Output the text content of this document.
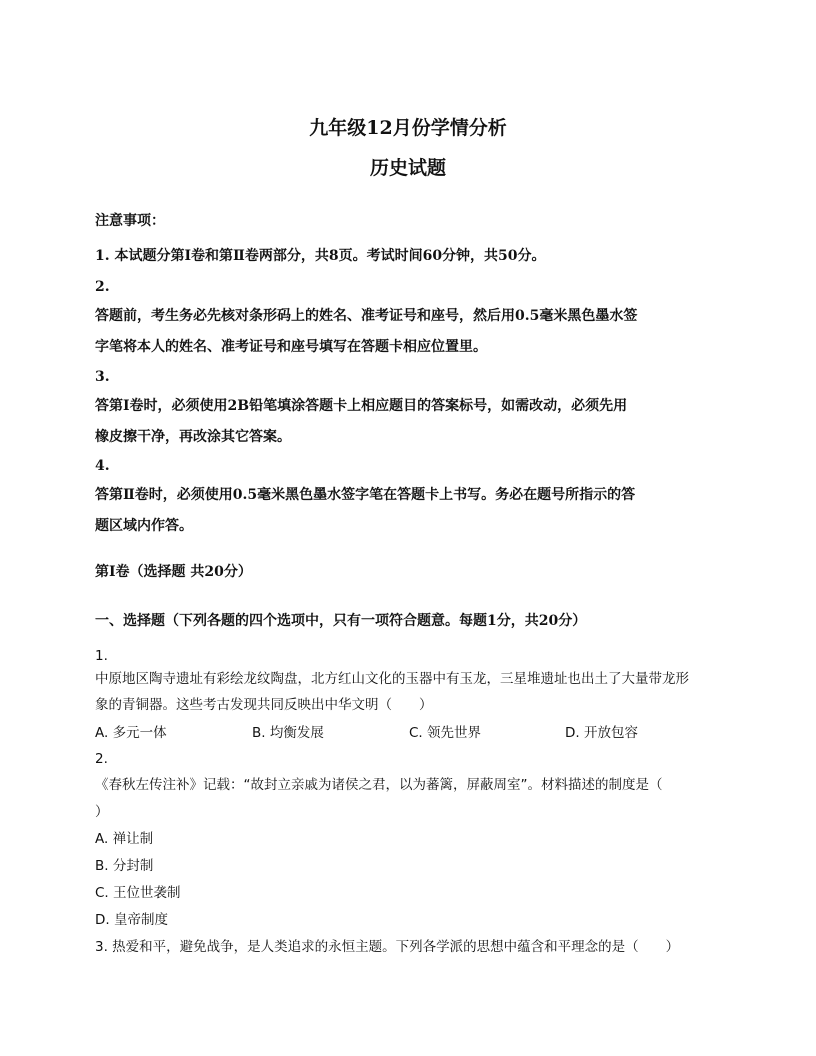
九年级12月份学情分析
历史试题

注意事项：

1. 本试题分第Ⅰ卷和第Ⅱ卷两部分，共8页。考试时间60分钟，共50分。

2.

答题前，考生务必先核对条形码上的姓名、准考证号和座号，然后用0.5毫米黑色墨水签

字笔将本人的姓名、准考证号和座号填写在答题卡相应位置里。

3.

答第Ⅰ卷时，必须使用2B铅笔填涂答题卡上相应题目的答案标号，如需改动，必须先用

橡皮擦干净，再改涂其它答案。

4.

答第Ⅱ卷时，必须使用0.5毫米黑色墨水签字笔在答题卡上书写。务必在题号所指示的答

题区域内作答。

第Ⅰ卷（选择题 共20分）

一、选择题（下列各题的四个选项中，只有一项符合题意。每题1分，共20分）

1.

中原地区陶寺遗址有彩绘龙纹陶盘，北方红山文化的玉器中有玉龙，三星堆遗址也出土了大量带龙形

象的青铜器。这些考古发现共同反映出中华文明（　　）

A. 多元一体	B. 均衡发展	C. 领先世界	D. 开放包容

2.

《春秋左传注补》记载：“故封立亲戚为诸侯之君，以为蕃篱，屏蔽周室”。材料描述的制度是（

）

A. 禅让制

B. 分封制

C. 王位世袭制

D. 皇帝制度

3. 热爱和平，避免战争，是人类追求的永恒主题。下列各学派的思想中蕴含和平理念的是（　　）
